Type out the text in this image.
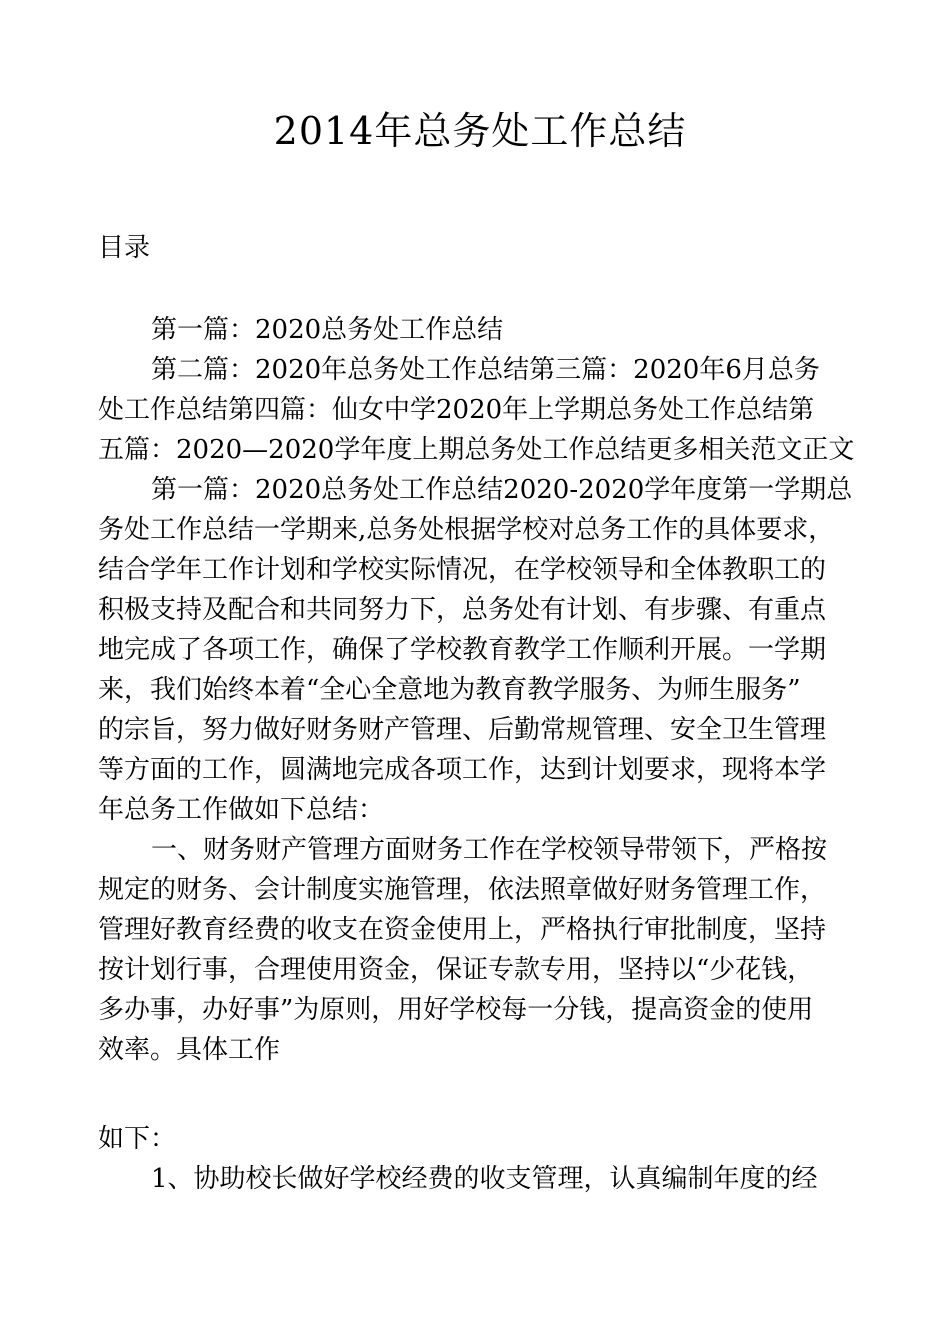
2014年总务处工作总结
目录
第一篇：2020总务处工作总结
第二篇：2020年总务处工作总结第三篇：2020年6月总务
处工作总结第四篇：仙女中学2020年上学期总务处工作总结第
五篇：2020—2020学年度上期总务处工作总结更多相关范文正文
第一篇：2020总务处工作总结2020-2020学年度第一学期总
务处工作总结一学期来,总务处根据学校对总务工作的具体要求，
结合学年工作计划和学校实际情况，在学校领导和全体教职工的
积极支持及配合和共同努力下，总务处有计划、有步骤、有重点
地完成了各项工作，确保了学校教育教学工作顺利开展。一学期
来，我们始终本着“全心全意地为教育教学服务、为师生服务”
的宗旨，努力做好财务财产管理、后勤常规管理、安全卫生管理
等方面的工作，圆满地完成各项工作，达到计划要求，现将本学
年总务工作做如下总结：
一、财务财产管理方面财务工作在学校领导带领下，严格按
规定的财务、会计制度实施管理，依法照章做好财务管理工作，
管理好教育经费的收支在资金使用上，严格执行审批制度，坚持
按计划行事，合理使用资金，保证专款专用，坚持以“少花钱，
多办事，办好事”为原则，用好学校每一分钱，提高资金的使用
效率。具体工作
如下：
1、协助校长做好学校经费的收支管理，认真编制年度的经
